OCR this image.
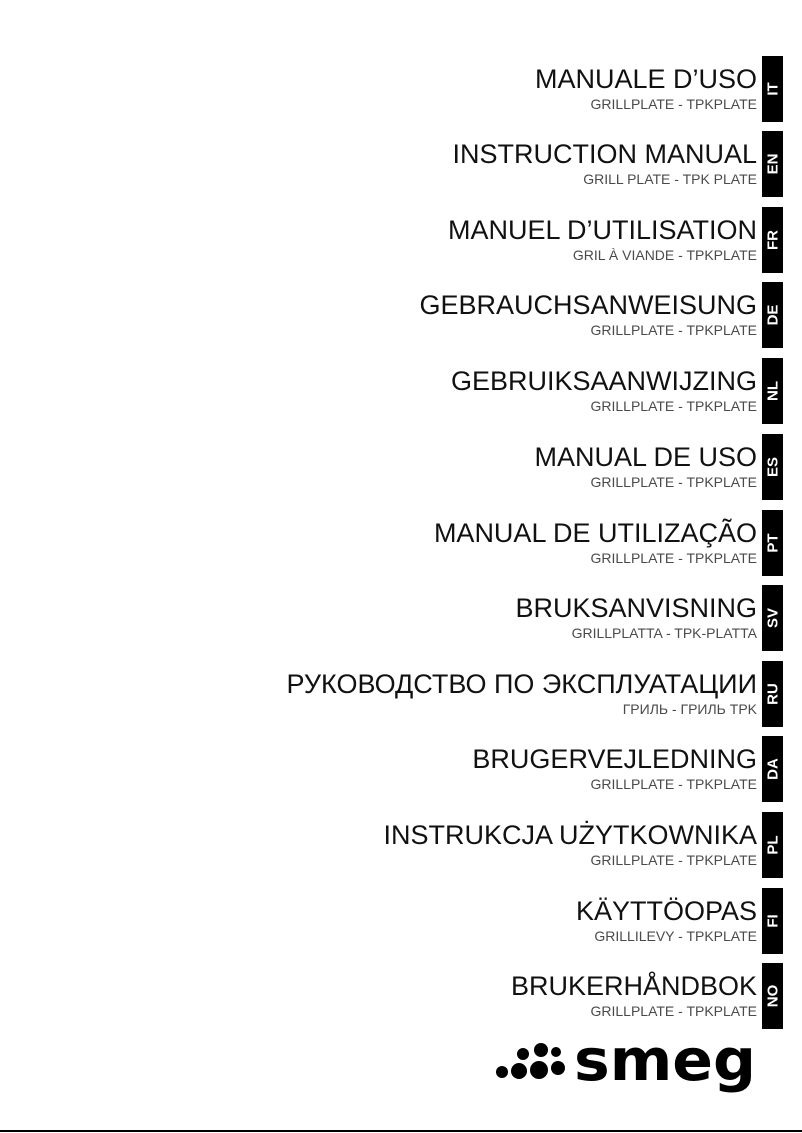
MANUALE D’USO
GRILLPLATE - TPKPLATE
IT
INSTRUCTION MANUAL
GRILL PLATE - TPK PLATE
EN
MANUEL D’UTILISATION
GRIL À VIANDE - TPKPLATE
FR
GEBRAUCHSANWEISUNG
GRILLPLATE - TPKPLATE
DE
GEBRUIKSAANWIJZING
GRILLPLATE - TPKPLATE
NL
MANUAL DE USO
GRILLPLATE - TPKPLATE
ES
MANUAL DE UTILIZAÇÃO
GRILLPLATE - TPKPLATE
PT
BRUKSANVISNING
GRILLPLATTA - TPK-PLATTA
SV
РУКОВОДСТВО ПО ЭКСПЛУАТАЦИИ
ГРИЛЬ - ГРИЛЬ TPK
RU
BRUGERVEJLEDNING
GRILLPLATE - TPKPLATE
DA
INSTRUKCJA UŻYTKOWNIKA
GRILLPLATE - TPKPLATE
PL
KÄYTTÖOPAS
GRILLILEVY - TPKPLATE
FI
BRUKERHÅNDBOK
GRILLPLATE - TPKPLATE
NO
smeg
